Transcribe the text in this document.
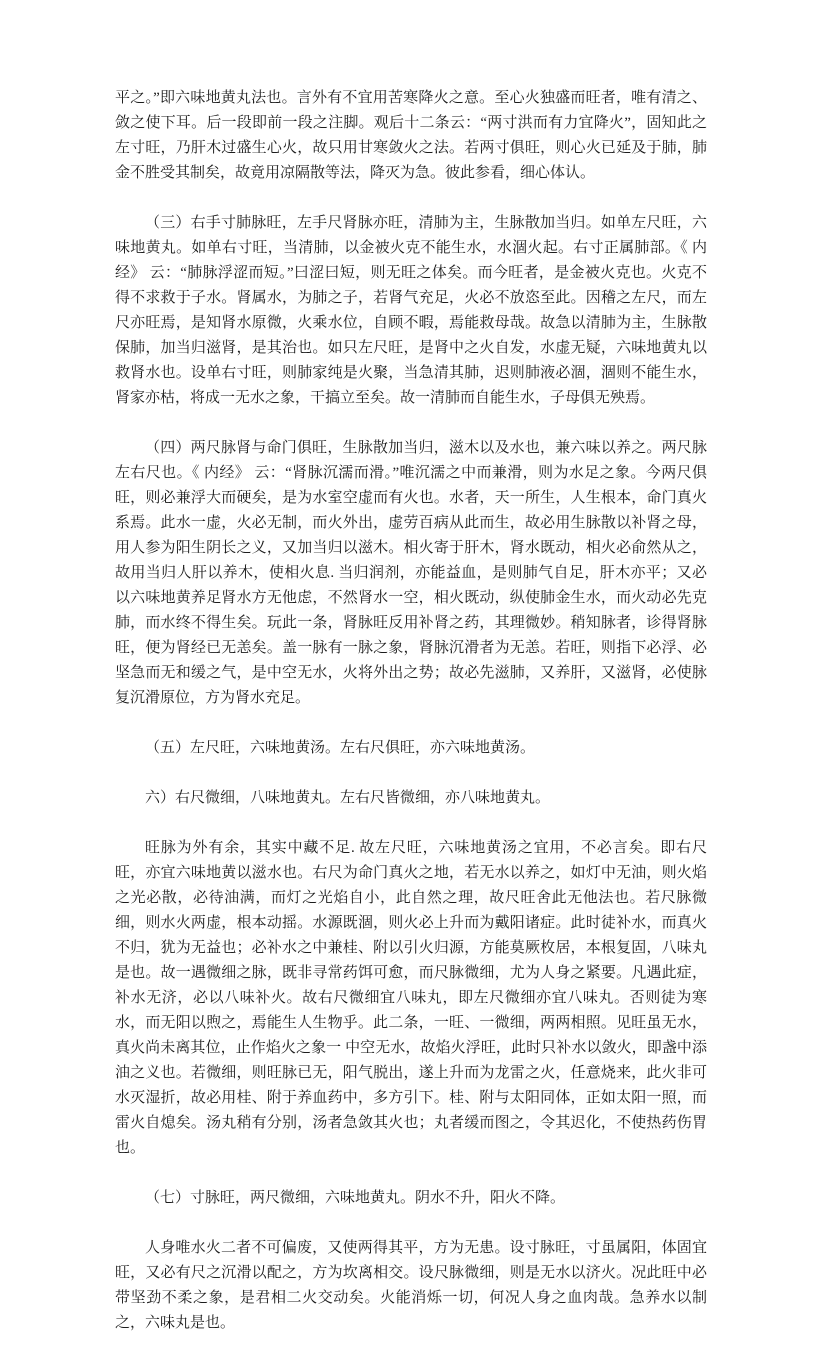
平之。”即六味地黄丸法也。言外有不宜用苦寒降火之意。至心火独盛而旺者，唯有清之、敛之使下耳。后一段即前一段之注脚。观后十二条云：“两寸洪而有力宜降火”，固知此之左寸旺，乃肝木过盛生心火，故只用甘寒敛火之法。若两寸俱旺，则心火已延及于肺，肺金不胜受其制矣，故竟用凉隔散等法，降灭为急。彼此参看，细心体认。

（三）右手寸肺脉旺，左手尺肾脉亦旺，清肺为主，生脉散加当归。如单左尺旺，六味地黄丸。如单右寸旺，当清肺，以金被火克不能生水，水涸火起。右寸正属肺部。《 内经》 云：“肺脉浮涩而短。”曰涩曰短，则无旺之体矣。而今旺者，是金被火克也。火克不得不求救于子水。肾属水，为肺之子，若肾气充足，火必不放恣至此。因稽之左尺，而左尺亦旺焉，是知肾水原微，火乘水位，自顾不暇，焉能救母哉。故急以清肺为主，生脉散保肺，加当归滋肾，是其治也。如只左尺旺，是肾中之火自发，水虚无疑，六味地黄丸以救肾水也。设单右寸旺，则肺家纯是火聚，当急清其肺，迟则肺液必涸，涸则不能生水，肾家亦枯，将成一无水之象，干搞立至矣。故一清肺而自能生水，子母俱无殃焉。

（四）两尺脉肾与命门俱旺，生脉散加当归，滋木以及水也，兼六味以养之。两尺脉左右尺也。《 内经》 云：“肾脉沉濡而滑。”唯沉濡之中而兼滑，则为水足之象。今两尺俱旺，则必兼浮大而硬矣，是为水室空虚而有火也。水者，天一所生，人生根本，命门真火系焉。此水一虚，火必无制，而火外出，虚劳百病从此而生，故必用生脉散以补肾之母，用人参为阳生阴长之义，又加当归以滋木。相火寄于肝木，肾水既动，相火必俞然从之，故用当归人肝以养木，使相火息. 当归润剂，亦能益血，是则肺气自足，肝木亦平；又必以六味地黄养足肾水方无他虑，不然肾水一空，相火既动，纵使肺金生水，而火动必先克肺，而水终不得生矣。玩此一条，肾脉旺反用补肾之药，其理微妙。稍知脉者，诊得肾脉旺，便为肾经已无恙矣。盖一脉有一脉之象，肾脉沉滑者为无恙。若旺，则指下必浮、必坚急而无和缓之气，是中空无水，火将外出之势；故必先滋肺，又养肝，又滋肾，必使脉复沉滑原位，方为肾水充足。

（五）左尺旺，六味地黄汤。左右尺俱旺，亦六味地黄汤。

六）右尺微细，八味地黄丸。左右尺皆微细，亦八味地黄丸。

旺脉为外有余，其实中藏不足. 故左尺旺，六味地黄汤之宜用，不必言矣。即右尺旺，亦宜六味地黄以滋水也。右尺为命门真火之地，若无水以养之，如灯中无油，则火焰之光必散，必待油满，而灯之光焰自小，此自然之理，故尺旺舍此无他法也。若尺脉微细，则水火两虚，根本动摇。水源既涸，则火必上升而为戴阳诸症。此时徒补水，而真火不归，犹为无益也；必补水之中兼桂、附以引火归源，方能莫厥枚居，本根复固，八味丸是也。故一遇微细之脉，既非寻常药饵可愈，而尺脉微细，尤为人身之紧要。凡遇此症，补水无济，必以八味补火。故右尺微细宜八味丸，即左尺微细亦宜八味丸。否则徒为寒水，而无阳以煦之，焉能生人生物乎。此二条，一旺、一微细，两两相照。见旺虽无水，真火尚未离其位，止作焰火之象一 中空无水，故焰火浮旺，此时只补水以敛火，即盏中添油之义也。若微细，则旺脉已无，阳气脱出，遂上升而为龙雷之火，任意烧来，此火非可水灭湿折，故必用桂、附于养血药中，多方引下。桂、附与太阳同体，正如太阳一照，而雷火自熄矣。汤丸稍有分别，汤者急敛其火也；丸者缓而图之，令其迟化，不使热药伤胃也。

（七）寸脉旺，两尺微细，六味地黄丸。阴水不升，阳火不降。

人身唯水火二者不可偏废，又使两得其平，方为无患。设寸脉旺，寸虽属阳，体固宜旺，又必有尺之沉滑以配之，方为坎离相交。设尺脉微细，则是无水以济火。况此旺中必带坚劲不柔之象，是君相二火交动矣。火能消烁一切，何况人身之血肉哉。急养水以制之，六味丸是也。
